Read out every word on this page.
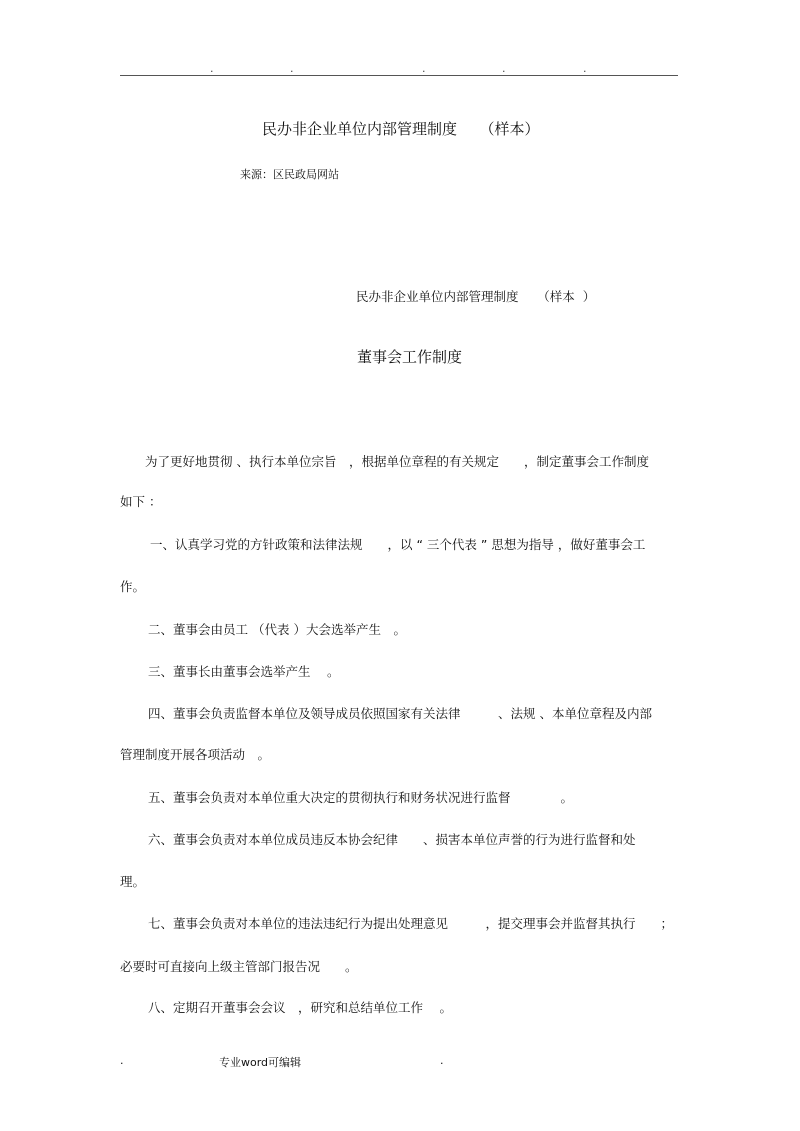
.	.	.	.	.
民办非企业单位内部管理制度　　（样本）
来源：区民政局网站
民办非企业单位内部管理制度　　（样本  ）
董事会工作制度
为了更好地贯彻 、执行本单位宗旨　，根据单位章程的有关规定　　，制定董事会工作制度
如下 ：
一、认真学习党的方针政策和法律法规　　，以 “ 三个代表 ” 思想为指导 ，做好董事会工
作。
二、董事会由员工 （代表 ）大会选举产生　。
三、董事长由董事会选举产生　 。
四、董事会负责监督本单位及领导成员依照国家有关法律　　　、法规 、本单位章程及内部
管理制度开展各项活动　。
五、董事会负责对本单位重大决定的贯彻执行和财务状况进行监督　　　　。
六、董事会负责对本单位成员违反本协会纪律　　、损害本单位声誉的行为进行监督和处
理。
七、董事会负责对本单位的违法违纪行为提出处理意见　　　，提交理事会并监督其执行　　；
必要时可直接向上级主管部门报告况　　。
八、定期召开董事会会议　，研究和总结单位工作　 。
.	专业word可编辑	.
